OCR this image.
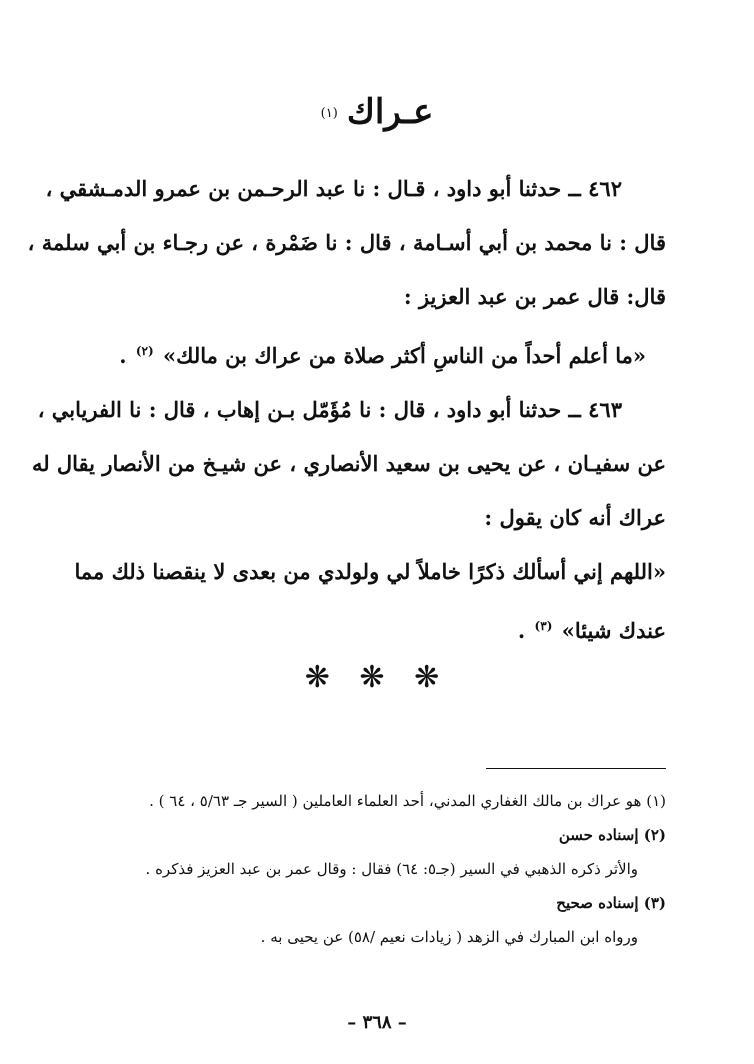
عـراك $^{(١)}$
٤٦٢ ــ حدثنا أبو داود ، قـال : نا عبد الرحـمن بن عمرو الدمـشقي ،
قال : نا محمد بن أبي أسـامة ، قال : نا ضَمْرة ، عن رجـاء بن أبي سلمة ،
قال: قال عمر بن عبد العزيز :
«ما أعلم أحداً من الناسِ أكثر صلاة من عراك بن مالك» $^{(٢)}$ .
٤٦٣ ــ حدثنا أبو داود ، قال : نا مُؤَمّل بـن إهاب ، قال : نا الفريابي ،
عن سفيـان ، عن يحيى بن سعيد الأنصاري ، عن شيـخ من الأنصار يقال له
عراك أنه كان يقول :
«اللهم إني أسألك ذكرًا خاملاً لي ولولدي من بعدى لا ينقصنا ذلك مما
عندك شيئا» $^{(٣)}$ .
❋ ❋ ❋
(١) هو عراك بن مالك الغفاري المدني، أحد العلماء العاملين ( السير جـ ٥/٦٣ ، ٦٤ ) .
(٢) إسناده حسن
والأثر ذكره الذهبي في السير (جـ٥: ٦٤) فقال : وقال عمر بن عبد العزيز فذكره .
(٣) إسناده صحيح
ورواه ابن المبارك في الزهد ( زيادات نعيم /٥٨) عن يحيى به .
– ٣٦٨ –
